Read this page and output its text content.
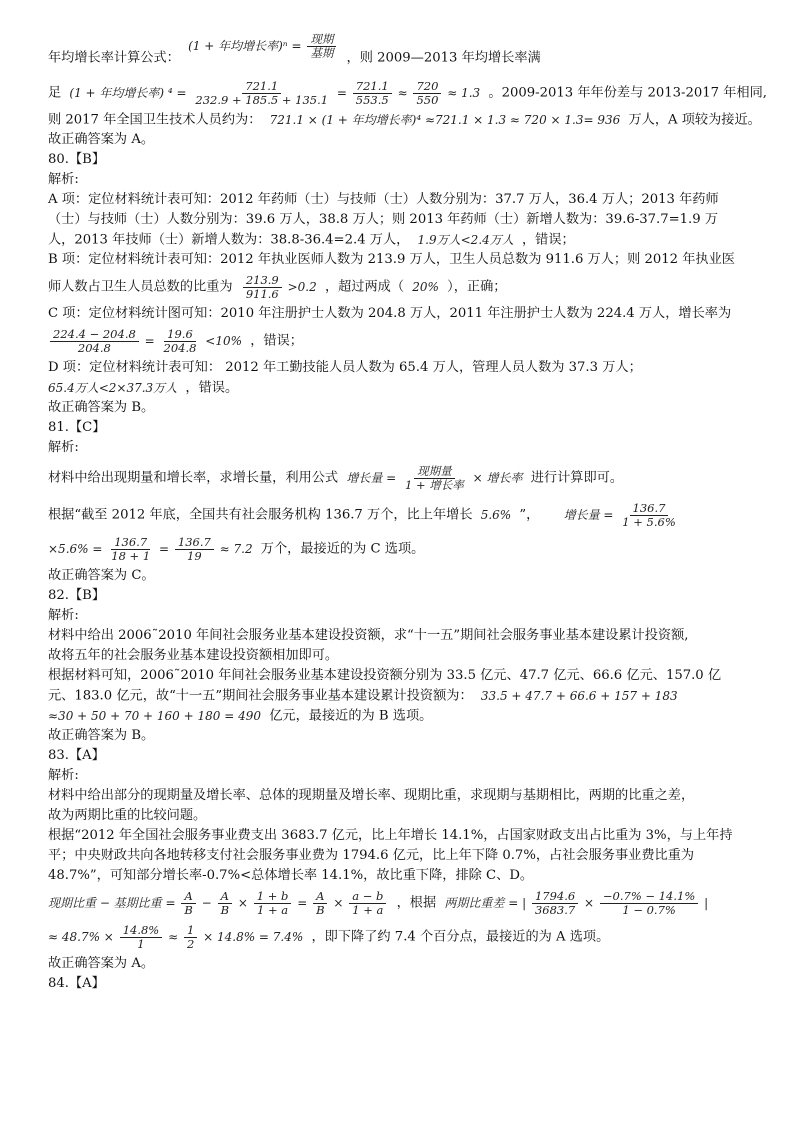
年均增长率计算公式： (1 + 年均增长率)$^n = \frac{\text{现期}}{\text{基期}}$ ，则 2009—2013 年均增长率满
足 (1 + 年均增长率) $^4 = \frac{721.1}{232.9 + 185.5 + 135.1} = \frac{721.1}{553.5} \approx \frac{720}{550} \approx 1.3$ 。2009-2013 年年份差与 2013-2017 年相同,
则 2017 年全国卫生技术人员约为： 721.1 × (1 + 年均增长率)⁴ ≈721.1 × 1.3 ≈ 720 × 1.3= 936 万人，A 项较为接近。
故正确答案为 A。
80.【B】
解析:
A 项：定位材料统计表可知：2012 年药师（士）与技师（士）人数分别为：37.7 万人，36.4 万人；2013 年药师
（士）与技师（士）人数分别为：39.6 万人，38.8 万人；则 2013 年药师（士）新增人数为：39.6-37.7=1.9 万
人，2013 年技师（士）新增人数为：38.8-36.4=2.4 万人， 1.9万人<2.4万人 ，错误；
B 项：定位材料统计表可知：2012 年执业医师人数为 213.9 万人，卫生人员总数为 911.6 万人；则 2012 年执业医
师人数占卫生人员总数的比重为 $\frac{213.9}{911.6} >0.2$ ，超过两成（ 20% ），正确；
C 项：定位材料统计图可知：2010 年注册护士人数为 204.8 万人，2011 年注册护士人数为 224.4 万人，增长率为
$\frac{224.4 - 204.8}{204.8} = \frac{19.6}{204.8} <10\%$ ，错误；
D 项：定位材料统计表可知： 2012 年工勤技能人员人数为 65.4 万人，管理人员人数为 37.3 万人；
65.4万人<2×37.3万人 ，错误。
故正确答案为 B。
81.【C】
解析:
材料中给出现期量和增长率，求增长量，利用公式 增长量 = $\frac{\text{现期量}}{\text{1 + 增长率}}$ × 增长率 进行计算即可。
根据“截至 2012 年底，全国共有社会服务机构 136.7 万个，比上年增长 5.6% ”， 增长量 = $\frac{136.7}{1 + 5.6\%}$
$\times 5.6\% = \frac{136.7}{18 + 1} = \frac{136.7}{19} \approx 7.2$ 万个，最接近的为 C 选项。
故正确答案为 C。
82.【B】
解析:
材料中给出 2006˜2010 年间社会服务业基本建设投资额，求“十一五”期间社会服务事业基本建设累计投资额,
故将五年的社会服务业基本建设投资额相加即可。
根据材料可知，2006˜2010 年间社会服务业基本建设投资额分别为 33.5 亿元、47.7 亿元、66.6 亿元、157.0 亿
元、183.0 亿元，故“十一五”期间社会服务事业基本建设累计投资额为： 33.5 + 47.7 + 66.6 + 157 + 183
≈30 + 50 + 70 + 160 + 180 = 490 亿元，最接近的为 B 选项。
故正确答案为 B。
83.【A】
解析:
材料中给出部分的现期量及增长率、总体的现期量及增长率、现期比重，求现期与基期相比，两期的比重之差，
故为两期比重的比较问题。
根据“2012 年全国社会服务事业费支出 3683.7 亿元，比上年增长 14.1%，占国家财政支出占比重为 3%，与上年持
平；中央财政共向各地转移支付社会服务事业费为 1794.6 亿元，比上年下降 0.7%，占社会服务事业费比重为
48.7%”，可知部分增长率-0.7%<总体增长率 14.1%，故比重下降，排除 C、D。
现期比重 − 基期比重 = $\frac{A}{B} - \frac{A}{B} \times \frac{1 + b}{1 + a} = \frac{A}{B} \times \frac{a - b}{1 + a}$ ，根据 两期比重差 = | $\frac{1794.6}{3683.7} \times \frac{-0.7\% - 14.1\%}{1 - 0.7\%}$ |
≈ $48.7\% \times \frac{14.8\%}{1} \approx \frac{1}{2} \times 14.8\% = 7.4\%$ ，即下降了约 7.4 个百分点，最接近的为 A 选项。
故正确答案为 A。
84.【A】
